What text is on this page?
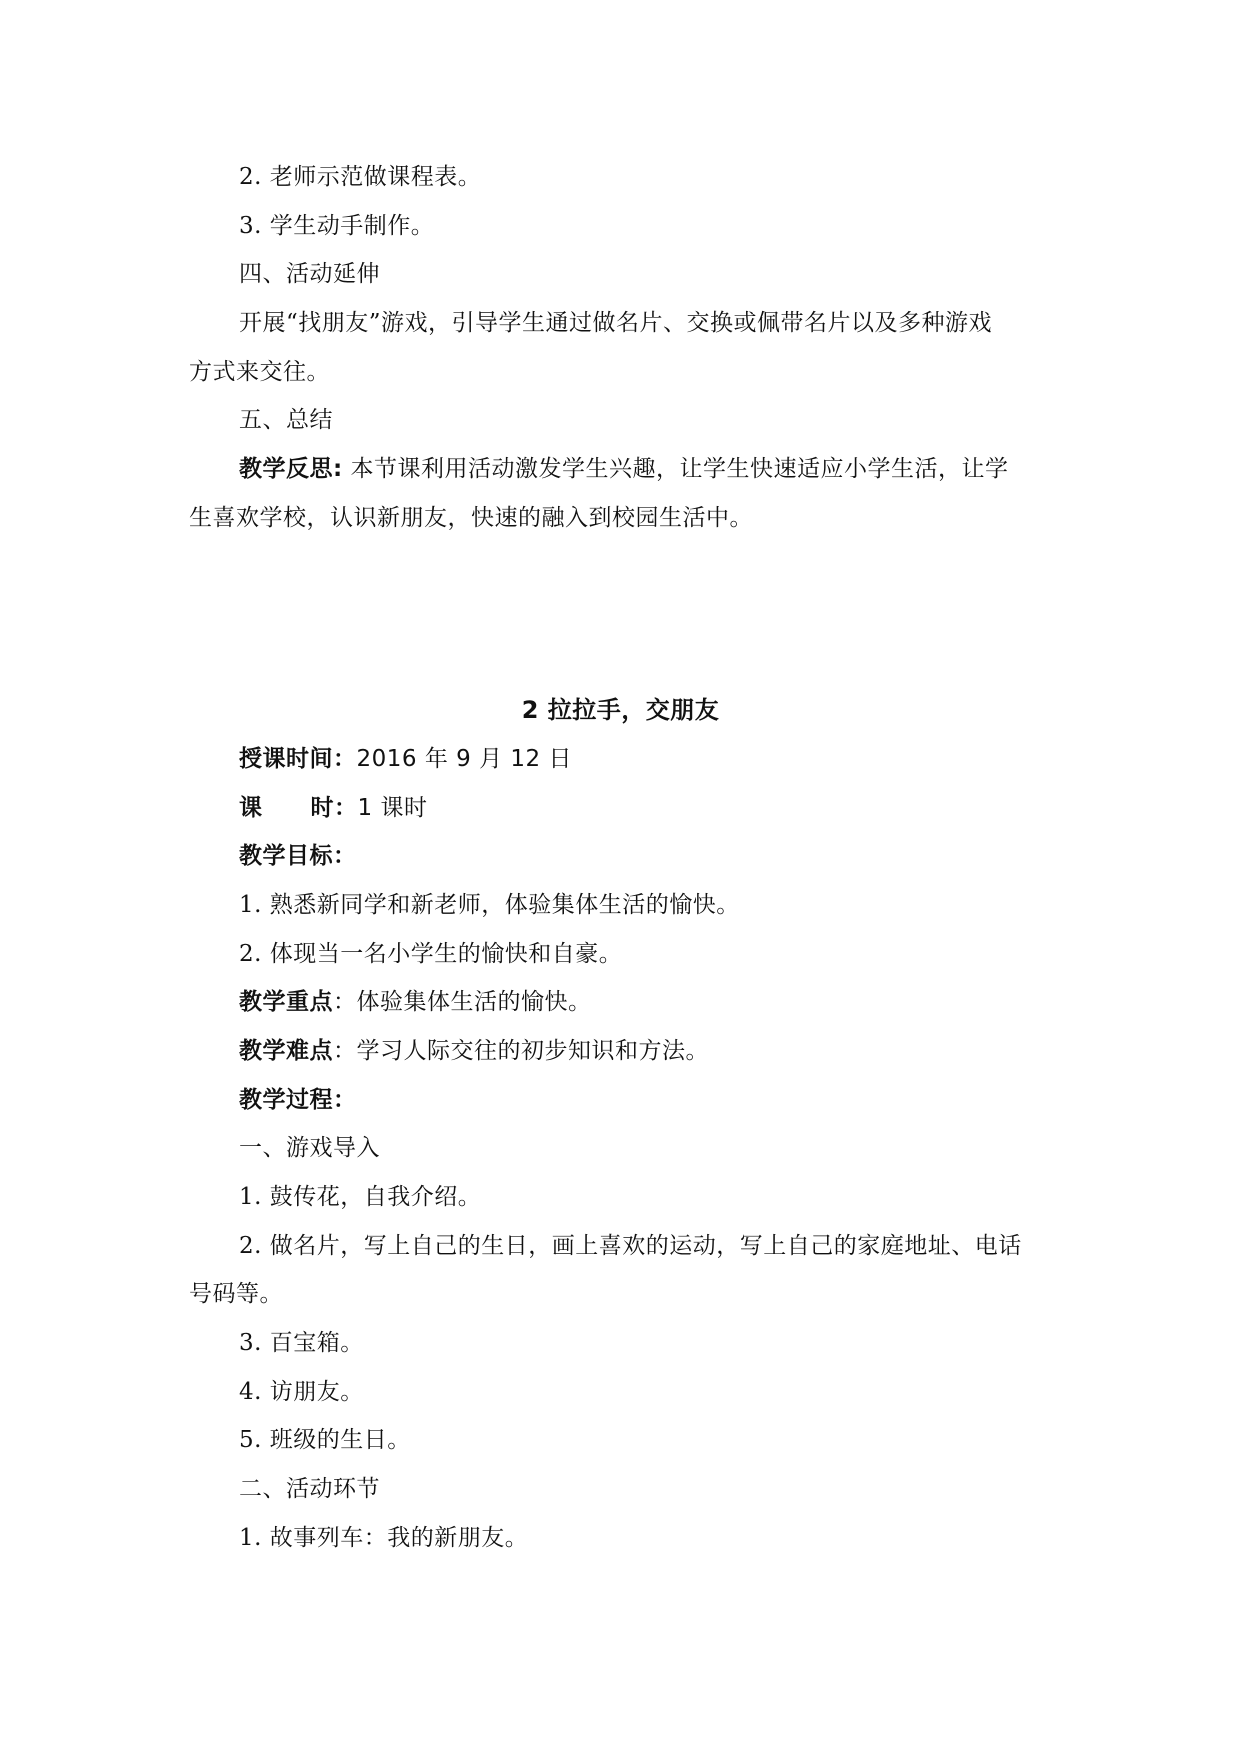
2. 老师示范做课程表。
3. 学生动手制作。
四、活动延伸
开展“找朋友”游戏，引导学生通过做名片、交换或佩带名片以及多种游戏
方式来交往。
五、总结
教学反思: 本节课利用活动激发学生兴趣，让学生快速适应小学生活，让学
生喜欢学校，认识新朋友，快速的融入到校园生活中。
2 拉拉手，交朋友
授课时间：2016 年 9 月 12 日
课 时：1 课时
教学目标：
1. 熟悉新同学和新老师，体验集体生活的愉快。
2. 体现当一名小学生的愉快和自豪。
教学重点：体验集体生活的愉快。
教学难点：学习人际交往的初步知识和方法。
教学过程：
一、游戏导入
1. 鼓传花，自我介绍。
2. 做名片，写上自己的生日，画上喜欢的运动，写上自己的家庭地址、电话
号码等。
3. 百宝箱。
4. 访朋友。
5. 班级的生日。
二、活动环节
1. 故事列车：我的新朋友。
